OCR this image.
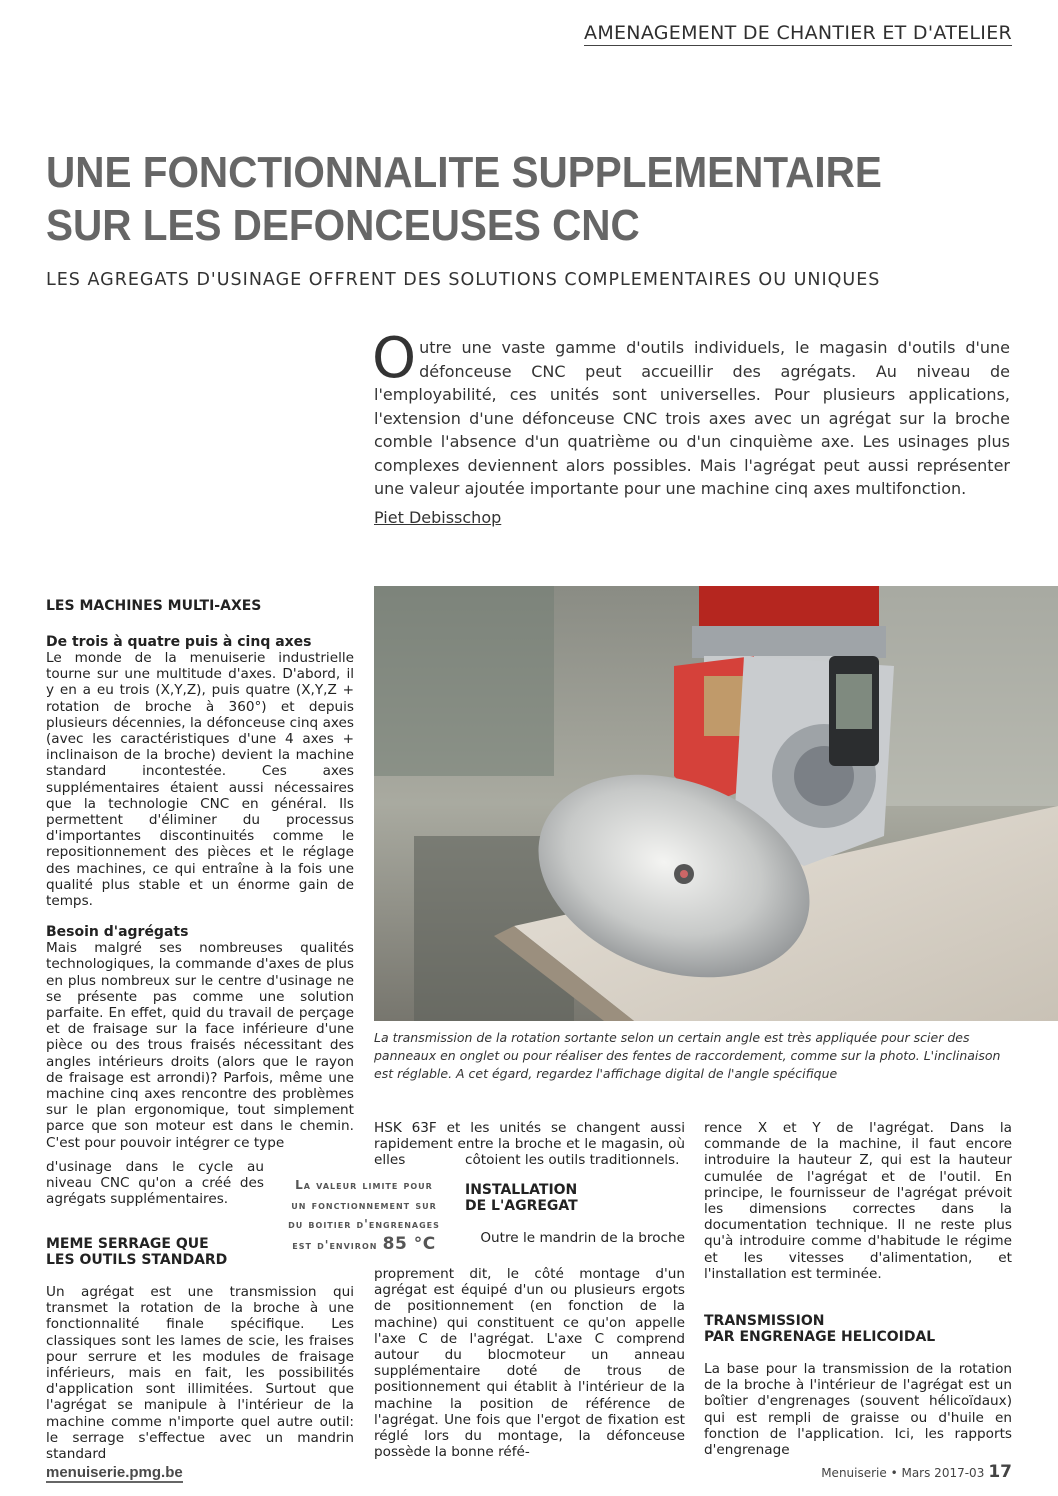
AMENAGEMENT DE CHANTIER ET D'ATELIER
UNE FONCTIONNALITE SUPPLEMENTAIRE
SUR LES DEFONCEUSES CNC
LES AGREGATS D'USINAGE OFFRENT DES SOLUTIONS COMPLEMENTAIRES OU UNIQUES
Outre une vaste gamme d'outils individuels, le magasin d'outils d'une défonceuse CNC peut accueillir des agrégats. Au niveau de l'employabilité, ces unités sont universelles. Pour plusieurs applications, l'extension d'une défonceuse CNC trois axes avec un agrégat sur la broche comble l'absence d'un quatrième ou d'un cinquième axe. Les usinages plus complexes deviennent alors possibles. Mais l'agrégat peut aussi représenter une valeur ajoutée importante pour une machine cinq axes multifonction.
Piet Debisschop
LES MACHINES MULTI-AXES
De trois à quatre puis à cinq axes

Le monde de la menuiserie industrielle tourne sur une multitude d'axes. D'abord, il y en a eu trois (X,Y,Z), puis quatre (X,Y,Z + rotation de broche à 360°) et depuis plusieurs décennies, la défonceuse cinq axes (avec les caractéristiques d'une 4 axes + inclinaison de la broche) devient la machine standard incontestée. Ces axes supplémentaires étaient aussi nécessaires que la technologie CNC en général. Ils permettent d'éliminer du processus d'importantes discontinuités comme le repositionnement des pièces et le réglage des machines, ce qui entraîne à la fois une qualité plus stable et un énorme gain de temps.

Besoin d'agrégats

Mais malgré ses nombreuses qualités technologiques, la commande d'axes de plus en plus nombreux sur le centre d'usinage ne se présente pas comme une solution parfaite. En effet, quid du travail de perçage et de fraisage sur la face inférieure d'une pièce ou des trous fraisés nécessitant des angles intérieurs droits (alors que le rayon de fraisage est arrondi)? Parfois, même une machine cinq axes rencontre des problèmes sur le plan ergonomique, tout simplement parce que son moteur est dans le chemin. C'est pour pouvoir intégrer ce type

d'usinage dans le cycle au niveau CNC qu'on a créé des agrégats supplémentaires.

MEME SERRAGE QUE
LES OUTILS STANDARD

Un agrégat est une transmission qui transmet la rotation de la broche à une fonctionnalité finale spécifique. Les classiques sont les lames de scie, les fraises pour serrure et les modules de fraisage inférieurs, mais en fait, les possibilités d'application sont illimitées. Surtout que l'agrégat se manipule à l'intérieur de la machine comme n'importe quel autre outil: le serrage s'effectue avec un mandrin standard

La transmission de la rotation sortante selon un certain angle est très appliquée pour scier des panneaux en onglet ou pour réaliser des fentes de raccordement, comme sur la photo. L'inclinaison est réglable. A cet égard, regardez l'affichage digital de l'angle spécifique
La valeur limite pour
un fonctionnement sur
du boitier d'engrenages
est d'environ 85 °C

HSK 63F et les unités se changent aussi rapidement entre la broche et le magasin, où elles	côtoient les outils traditionnels.

INSTALLATION
DE L'AGREGAT

Outre le mandrin de la broche

proprement dit, le côté montage d'un agrégat est équipé d'un ou plusieurs ergots de positionnement (en fonction de la machine) qui constituent ce qu'on appelle l'axe C de l'agrégat. L'axe C comprend autour du blocmoteur un anneau supplémentaire doté de trous de positionnement qui établit à l'intérieur de la machine la position de référence de l'agrégat. Une fois que l'ergot de fixation est réglé lors du montage, la défonceuse possède la bonne réfé-

rence X et Y de l'agrégat. Dans la commande de la machine, il faut encore introduire la hauteur Z, qui est la hauteur cumulée de l'agrégat et de l'outil. En principe, le fournisseur de l'agrégat prévoit les dimensions correctes dans la documentation technique. Il ne reste plus qu'à introduire comme d'habitude le régime et les vitesses d'alimentation, et l'installation est terminée.

TRANSMISSION
PAR ENGRENAGE HELICOIDAL

La base pour la transmission de la rotation de la broche à l'intérieur de l'agrégat est un boîtier d'engrenages (souvent hélicoïdaux) qui est rempli de graisse ou d'huile en fonction de l'application. Ici, les rapports d'engrenage

menuiserie.pmg.be	Menuiserie • Mars 2017-03 17
